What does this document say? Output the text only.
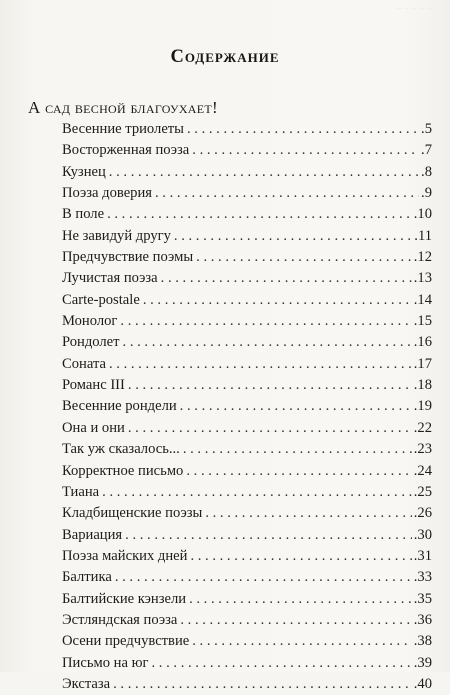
⁻ ⁻ ⁻ ⁻ ⁻
Содержание
А сад весной благоухает!
Весенние триолеты . . .	.5
Восторженная поэза . . .	.7
Кузнец . . .	.8
Поэза доверия . . .	.9
В поле . . .	.10
Не завидуй другу . . .	.11
Предчувствие поэмы . . .	.12
Лучистая поэза . . .	.13
Carte-postale . . .	.14
Монолог . . .	.15
Рондолет . . .	.16
Соната . . .	.17
Романс III . . .	.18
Весенние рондели . . .	.19
Она и они . . .	.22
Так уж сказалось... . . .	.23
Корректное письмо . . .	.24
Тиана . . .	.25
Кладбищенские поэзы . . .	.26
Вариация . . .	.30
Поэза майских дней . . .	.31
Балтика . . .	.33
Балтийские кэнзели . . .	.35
Эстляндская поэза . . .	.36
Осени предчувствие . . .	.38
Письмо на юг . . .	.39
Экстаза . . .	.40
